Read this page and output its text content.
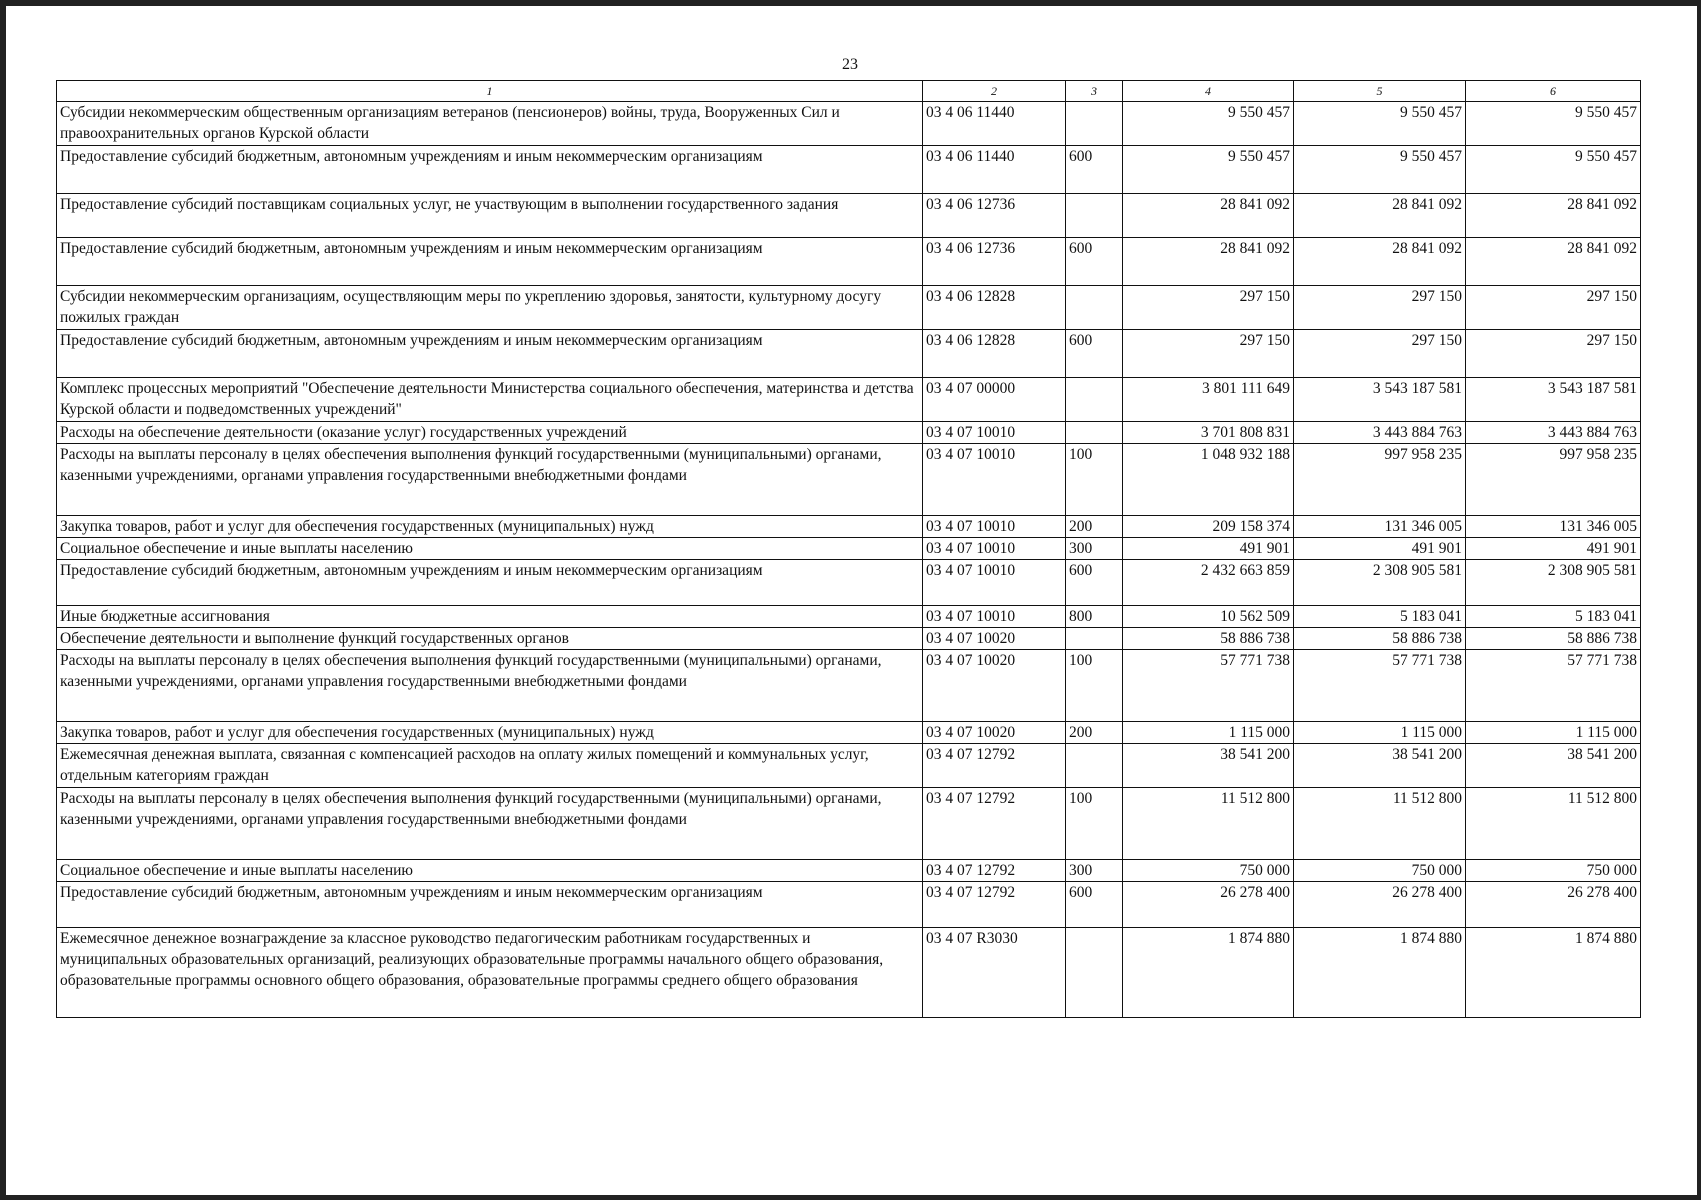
23
1	2	3	4	5	6
Субсидии некоммерческим общественным организациям ветеранов (пенсионеров) войны, труда, Вооруженных Сил и правоохранительных органов Курской области	03 4 06 11440		9 550 457	9 550 457	9 550 457
Предоставление субсидий бюджетным, автономным учреждениям и иным некоммерческим организациям	03 4 06 11440	600	9 550 457	9 550 457	9 550 457
Предоставление субсидий поставщикам социальных услуг, не участвующим в выполнении государственного задания	03 4 06 12736		28 841 092	28 841 092	28 841 092
Предоставление субсидий бюджетным, автономным учреждениям и иным некоммерческим организациям	03 4 06 12736	600	28 841 092	28 841 092	28 841 092
Субсидии некоммерческим организациям, осуществляющим меры по укреплению здоровья, занятости, культурному досугу пожилых граждан	03 4 06 12828		297 150	297 150	297 150
Предоставление субсидий бюджетным, автономным учреждениям и иным некоммерческим организациям	03 4 06 12828	600	297 150	297 150	297 150
Комплекс процессных мероприятий "Обеспечение деятельности Министерства социального обеспечения, материнства и детства Курской области и подведомственных учреждений"	03 4 07 00000		3 801 111 649	3 543 187 581	3 543 187 581
Расходы на обеспечение деятельности (оказание услуг) государственных учреждений	03 4 07 10010		3 701 808 831	3 443 884 763	3 443 884 763
Расходы на выплаты персоналу в целях обеспечения выполнения функций государственными (муниципальными) органами, казенными учреждениями, органами управления государственными внебюджетными фондами	03 4 07 10010	100	1 048 932 188	997 958 235	997 958 235
Закупка товаров, работ и услуг для обеспечения государственных (муниципальных) нужд	03 4 07 10010	200	209 158 374	131 346 005	131 346 005
Социальное обеспечение и иные выплаты населению	03 4 07 10010	300	491 901	491 901	491 901
Предоставление субсидий бюджетным, автономным учреждениям и иным некоммерческим организациям	03 4 07 10010	600	2 432 663 859	2 308 905 581	2 308 905 581
Иные бюджетные ассигнования	03 4 07 10010	800	10 562 509	5 183 041	5 183 041
Обеспечение деятельности и выполнение функций государственных органов	03 4 07 10020		58 886 738	58 886 738	58 886 738
Расходы на выплаты персоналу в целях обеспечения выполнения функций государственными (муниципальными) органами, казенными учреждениями, органами управления государственными внебюджетными фондами	03 4 07 10020	100	57 771 738	57 771 738	57 771 738
Закупка товаров, работ и услуг для обеспечения государственных (муниципальных) нужд	03 4 07 10020	200	1 115 000	1 115 000	1 115 000
Ежемесячная денежная выплата, связанная с компенсацией расходов на оплату жилых помещений и коммунальных услуг, отдельным категориям граждан	03 4 07 12792		38 541 200	38 541 200	38 541 200
Расходы на выплаты персоналу в целях обеспечения выполнения функций государственными (муниципальными) органами, казенными учреждениями, органами управления государственными внебюджетными фондами	03 4 07 12792	100	11 512 800	11 512 800	11 512 800
Социальное обеспечение и иные выплаты населению	03 4 07 12792	300	750 000	750 000	750 000
Предоставление субсидий бюджетным, автономным учреждениям и иным некоммерческим организациям	03 4 07 12792	600	26 278 400	26 278 400	26 278 400
Ежемесячное денежное вознаграждение за классное руководство педагогическим работникам государственных и муниципальных образовательных организаций, реализующих образовательные программы начального общего образования, образовательные программы основного общего образования, образовательные программы среднего общего образования	03 4 07 R3030		1 874 880	1 874 880	1 874 880
